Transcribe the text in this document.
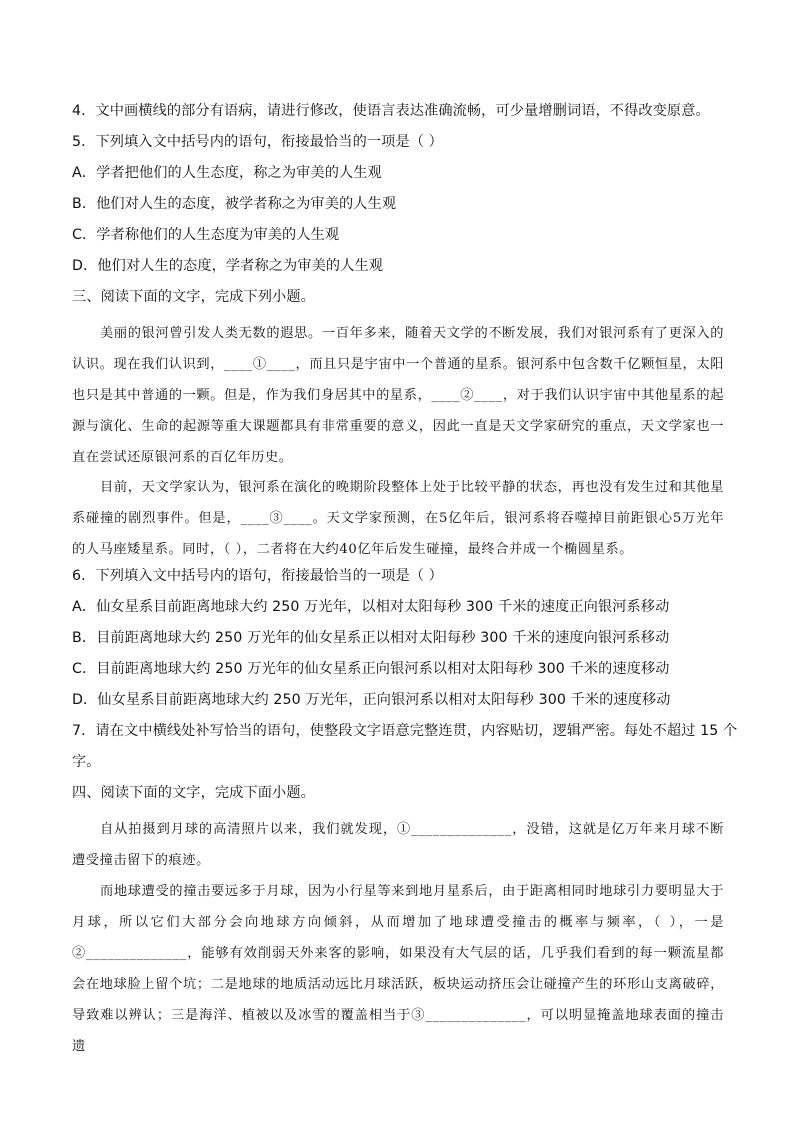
4．文中画横线的部分有语病，请进行修改，使语言表达准确流畅，可少量增删词语，不得改变原意。
5．下列填入文中括号内的语句，衔接最恰当的一项是（ ）
A．学者把他们的人生态度，称之为审美的人生观
B．他们对人生的态度，被学者称之为审美的人生观
C．学者称他们的人生态度为审美的人生观
D．他们对人生的态度，学者称之为审美的人生观
三、阅读下面的文字，完成下列小题。

美丽的银河曾引发人类无数的遐思。一百年多来，随着天文学的不断发展，我们对银河系有了更深入的认识。现在我们认识到，____①____，而且只是宇宙中一个普通的星系。银河系中包含数千亿颗恒星，太阳也只是其中普通的一颗。但是，作为我们身居其中的星系，____②____，对于我们认识宇宙中其他星系的起源与演化、生命的起源等重大课题都具有非常重要的意义，因此一直是天文学家研究的重点，天文学家也一直在尝试还原银河系的百亿年历史。

目前，天文学家认为，银河系在演化的晚期阶段整体上处于比较平静的状态，再也没有发生过和其他星系碰撞的剧烈事件。但是，____③____。天文学家预测，在5亿年后，银河系将吞噬掉目前距银心5万光年的人马座矮星系。同时，（ ），二者将在大约40亿年后发生碰撞，最终合并成一个椭圆星系。

6．下列填入文中括号内的语句，衔接最恰当的一项是（ ）
A．仙女星系目前距离地球大约 250 万光年，以相对太阳每秒 300 千米的速度正向银河系移动
B．目前距离地球大约 250 万光年的仙女星系正以相对太阳每秒 300 千米的速度向银河系移动
C．目前距离地球大约 250 万光年的仙女星系正向银河系以相对太阳每秒 300 千米的速度移动
D．仙女星系目前距离地球大约 250 万光年，正向银河系以相对太阳每秒 300 千米的速度移动
7．请在文中横线处补写恰当的语句，使整段文字语意完整连贯，内容贴切，逻辑严密。每处不超过 15 个
字。
四、阅读下面的文字，完成下面小题。

自从拍摄到月球的高清照片以来，我们就发现，①______________，没错，这就是亿万年来月球不断遭受撞击留下的痕迹。

而地球遭受的撞击要远多于月球，因为小行星等来到地月星系后，由于距离相同时地球引力要明显大于月球，所以它们大部分会向地球方向倾斜，从而增加了地球遭受撞击的概率与频率，（ ），一是②______________，能够有效削弱天外来客的影响，如果没有大气层的话，几乎我们看到的每一颗流星都会在地球脸上留个坑；二是地球的地质活动远比月球活跃，板块运动挤压会让碰撞产生的环形山支离破碎，导致难以辨认；三是海洋、植被以及冰雪的覆盖相当于③______________，可以明显掩盖地球表面的撞击遗
